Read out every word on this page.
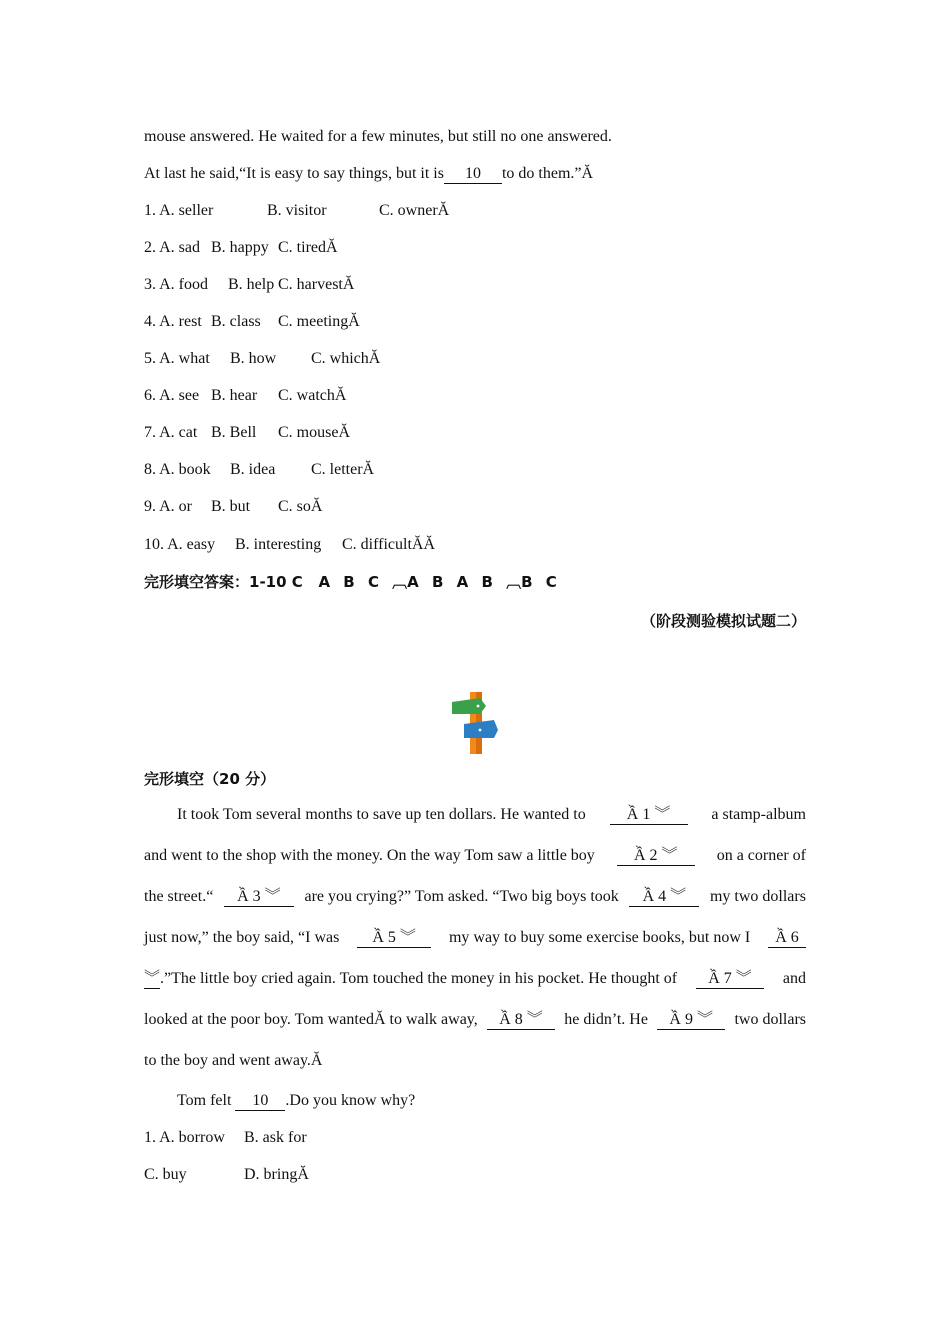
mouse answered. He waited for a few minutes, but still no one answered.
At last he said,“It is easy to say things, but it is 10 to do them.”Ă
1. A. seller	B. visitor	C. ownerĂ
2. A. sad B. happy C. tiredĂ
3. A. food B. help C. harvestĂ
4. A. rest B. class C. meetingĂ
5. A. what B. how C. whichĂ
6. A. see B. hear C. watchĂ
7. A. cat B. Bell C. mouseĂ
8. A. book B. idea C. letterĂ
9. A. or B. but C. soĂ
10. A. easy B. interesting C. difficultĂĂ
完形填空答案：1-10 C A B C ︹A B A B ︹B C
（阶段测验模拟试题二）
完形填空（20 分）
It took Tom several months to save up ten dollars. He wanted to	Ầ 1 ︾	a stamp-album
and went to the shop with the money. On the way Tom saw a little boy	Ầ 2 ︾	on a corner of
the street.“	Ầ 3 ︾	are you crying?” Tom asked. “Two big boys took	Ầ 4 ︾	my two dollars
just now,” the boy said, “I was	Ầ 5 ︾	my way to buy some exercise books, but now I	Ầ 6
︾.”The little boy cried again. Tom touched the money in his pocket. He thought of	Ầ 7 ︾	and
looked at the poor boy. Tom wantedĂ to walk away,	Ầ 8 ︾	he didn’t. He	Ầ 9 ︾	two dollars
to the boy and went away.Ă
Tom felt 10 .Do you know why?
1. A. borrow B. ask for
C. buy	D. bringĂ
